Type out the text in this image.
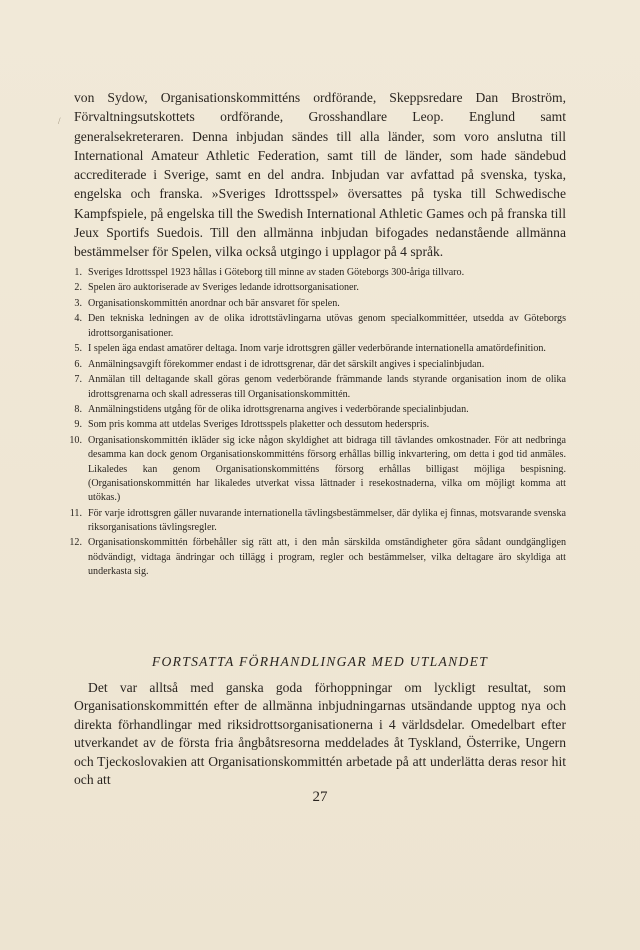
/

von Sydow, Organisationskommitténs ordförande, Skeppsredare Dan Broström, Förvaltningsutskottets ordförande, Grosshandlare Leop. Englund samt generalsekreteraren. Denna inbjudan sändes till alla länder, som voro anslutna till International Amateur Athletic Federation, samt till de länder, som hade sändebud accrediterade i Sverige, samt en del andra. Inbjudan var avfattad på svenska, tyska, engelska och franska. »Sveriges Idrottsspel» översattes på tyska till Schwedische Kampfspiele, på engelska till the Swedish International Athletic Games och på franska till Jeux Sportifs Suedois. Till den allmänna inbjudan bifogades nedanstående allmänna bestämmelser för Spelen, vilka också utgingo i upplagor på 4 språk.

1. Sveriges Idrottsspel 1923 hållas i Göteborg till minne av staden Göteborgs 300-åriga tillvaro.
2. Spelen äro auktoriserade av Sveriges ledande idrottsorganisationer.
3. Organisationskommittén anordnar och bär ansvaret för spelen.
4. Den tekniska ledningen av de olika idrottstävlingarna utövas genom specialkommittéer, utsedda av Göteborgs idrottsorganisationer.
5. I spelen äga endast amatörer deltaga. Inom varje idrottsgren gäller vederbörande internationella amatördefinition.
6. Anmälningsavgift förekommer endast i de idrottsgrenar, där det särskilt angives i specialinbjudan.
7. Anmälan till deltagande skall göras genom vederbörande främmande lands styrande organisation inom de olika idrottsgrenarna och skall adresseras till Organisationskommittén.
8. Anmälningstidens utgång för de olika idrottsgrenarna angives i vederbörande specialinbjudan.
9. Som pris komma att utdelas Sveriges Idrottsspels plaketter och dessutom hederspris.
10. Organisationskommittén ikläder sig icke någon skyldighet att bidraga till tävlandes omkostnader. För att nedbringa desamma kan dock genom Organisationskommitténs försorg erhållas billig inkvartering, om detta i god tid anmäles. Likaledes kan genom Organisationskommitténs försorg erhållas billigast möjliga bespisning. (Organisationskommittén har likaledes utverkat vissa lättnader i resekostnaderna, vilka om möjligt komma att utökas.)
11. För varje idrottsgren gäller nuvarande internationella tävlingsbestämmelser, där dylika ej finnas, motsvarande svenska riksorganisations tävlingsregler.
12. Organisationskommittén förbehåller sig rätt att, i den mån särskilda omständigheter göra sådant oundgängligen nödvändigt, vidtaga ändringar och tillägg i program, regler och bestämmelser, vilka deltagare äro skyldiga att underkasta sig.
FORTSATTA FÖRHANDLINGAR MED UTLANDET

Det var alltså med ganska goda förhoppningar om lyckligt resultat, som Organisationskommittén efter de allmänna inbjudningarnas utsändande upptog nya och direkta förhandlingar med riksidrottsorganisationerna i 4 världsdelar. Omedelbart efter utverkandet av de första fria ångbåtsresorna meddelades åt Tyskland, Österrike, Ungern och Tjeckoslovakien att Organisationskommittén arbetade på att underlätta deras resor hit och att

27
